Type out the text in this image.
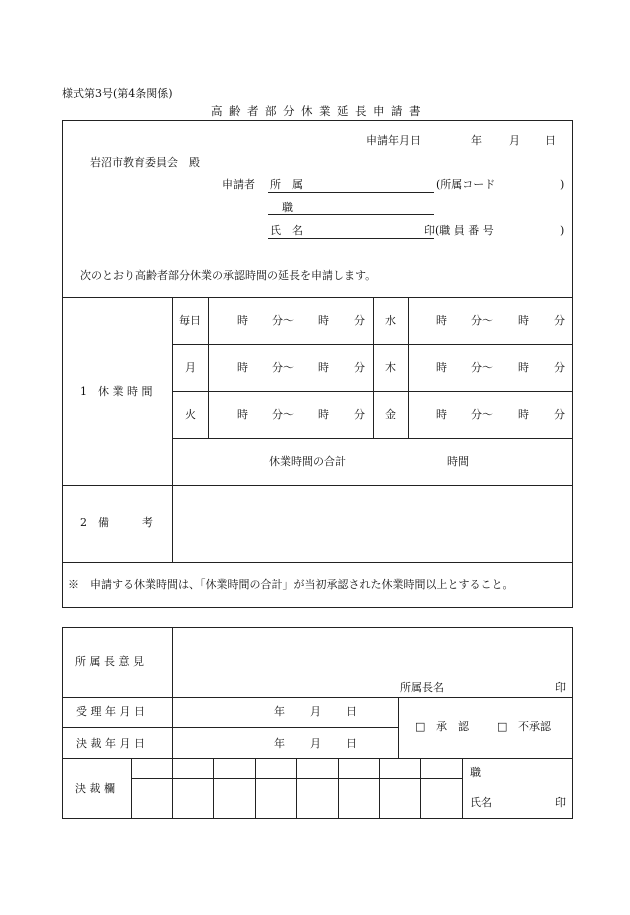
様式第3号(第4条関係)
高齢者部分休業延長申請書
申請年月日	年 月 日
岩沼市教育委員会　殿
申請者 所　属	(所属コード	)
職
氏　名	印(職 員 番 号	)
次のとおり高齢者部分休業の承認時間の延長を申請します。
1　休 業 時 間
毎日	時 分～ 時 分 水	時 分～ 時 分
月	時 分～ 時 分 木	時 分～ 時 分
火	時 分～ 時 分 金	時 分～ 時 分
休業時間の合計	時間
2　備　　　考
※　申請する休業時間は、「休業時間の合計」が当初承認された休業時間以上とすること。
所 属 長 意 見
所属長名	印
受 理 年 月 日	年 月 日
決 裁 年 月 日	年 月 日
□ 承　認	□ 不承認
決 裁 欄
職
氏名	印
